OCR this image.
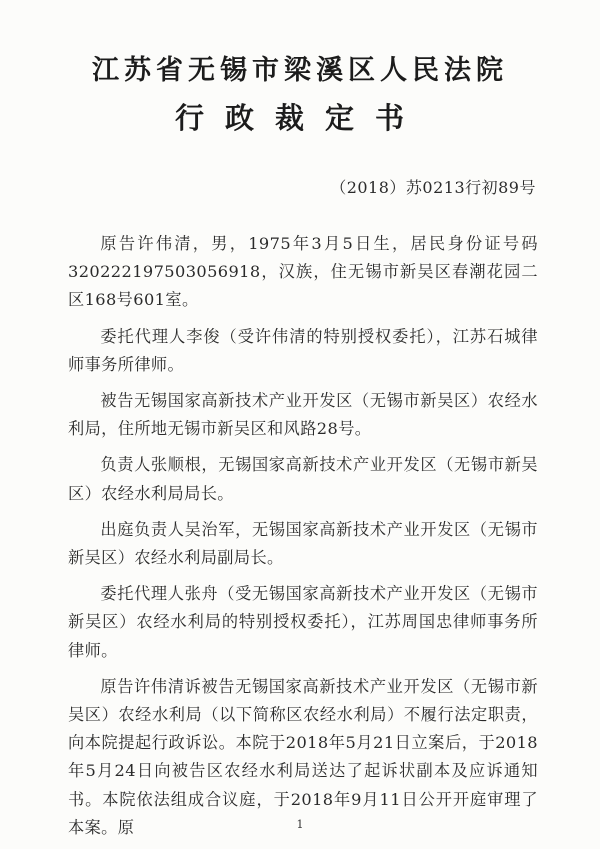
江苏省无锡市梁溪区人民法院
行政裁定书
（2018）苏0213行初89号

原告许伟清，男，1975年3月5日生，居民身份证号码320222197503056918，汉族，住无锡市新吴区春潮花园二区168号601室。

委托代理人李俊（受许伟清的特别授权委托），江苏石城律师事务所律师。

被告无锡国家高新技术产业开发区（无锡市新吴区）农经水利局，住所地无锡市新吴区和风路28号。

负责人张顺根，无锡国家高新技术产业开发区（无锡市新吴区）农经水利局局长。

出庭负责人吴治军，无锡国家高新技术产业开发区（无锡市新吴区）农经水利局副局长。

委托代理人张舟（受无锡国家高新技术产业开发区（无锡市新吴区）农经水利局的特别授权委托），江苏周国忠律师事务所律师。

原告许伟清诉被告无锡国家高新技术产业开发区（无锡市新吴区）农经水利局（以下简称区农经水利局）不履行法定职责，向本院提起行政诉讼。本院于2018年5月21日立案后，于2018年5月24日向被告区农经水利局送达了起诉状副本及应诉通知书。本院依法组成合议庭，于2018年9月11日公开开庭审理了本案。原	1
